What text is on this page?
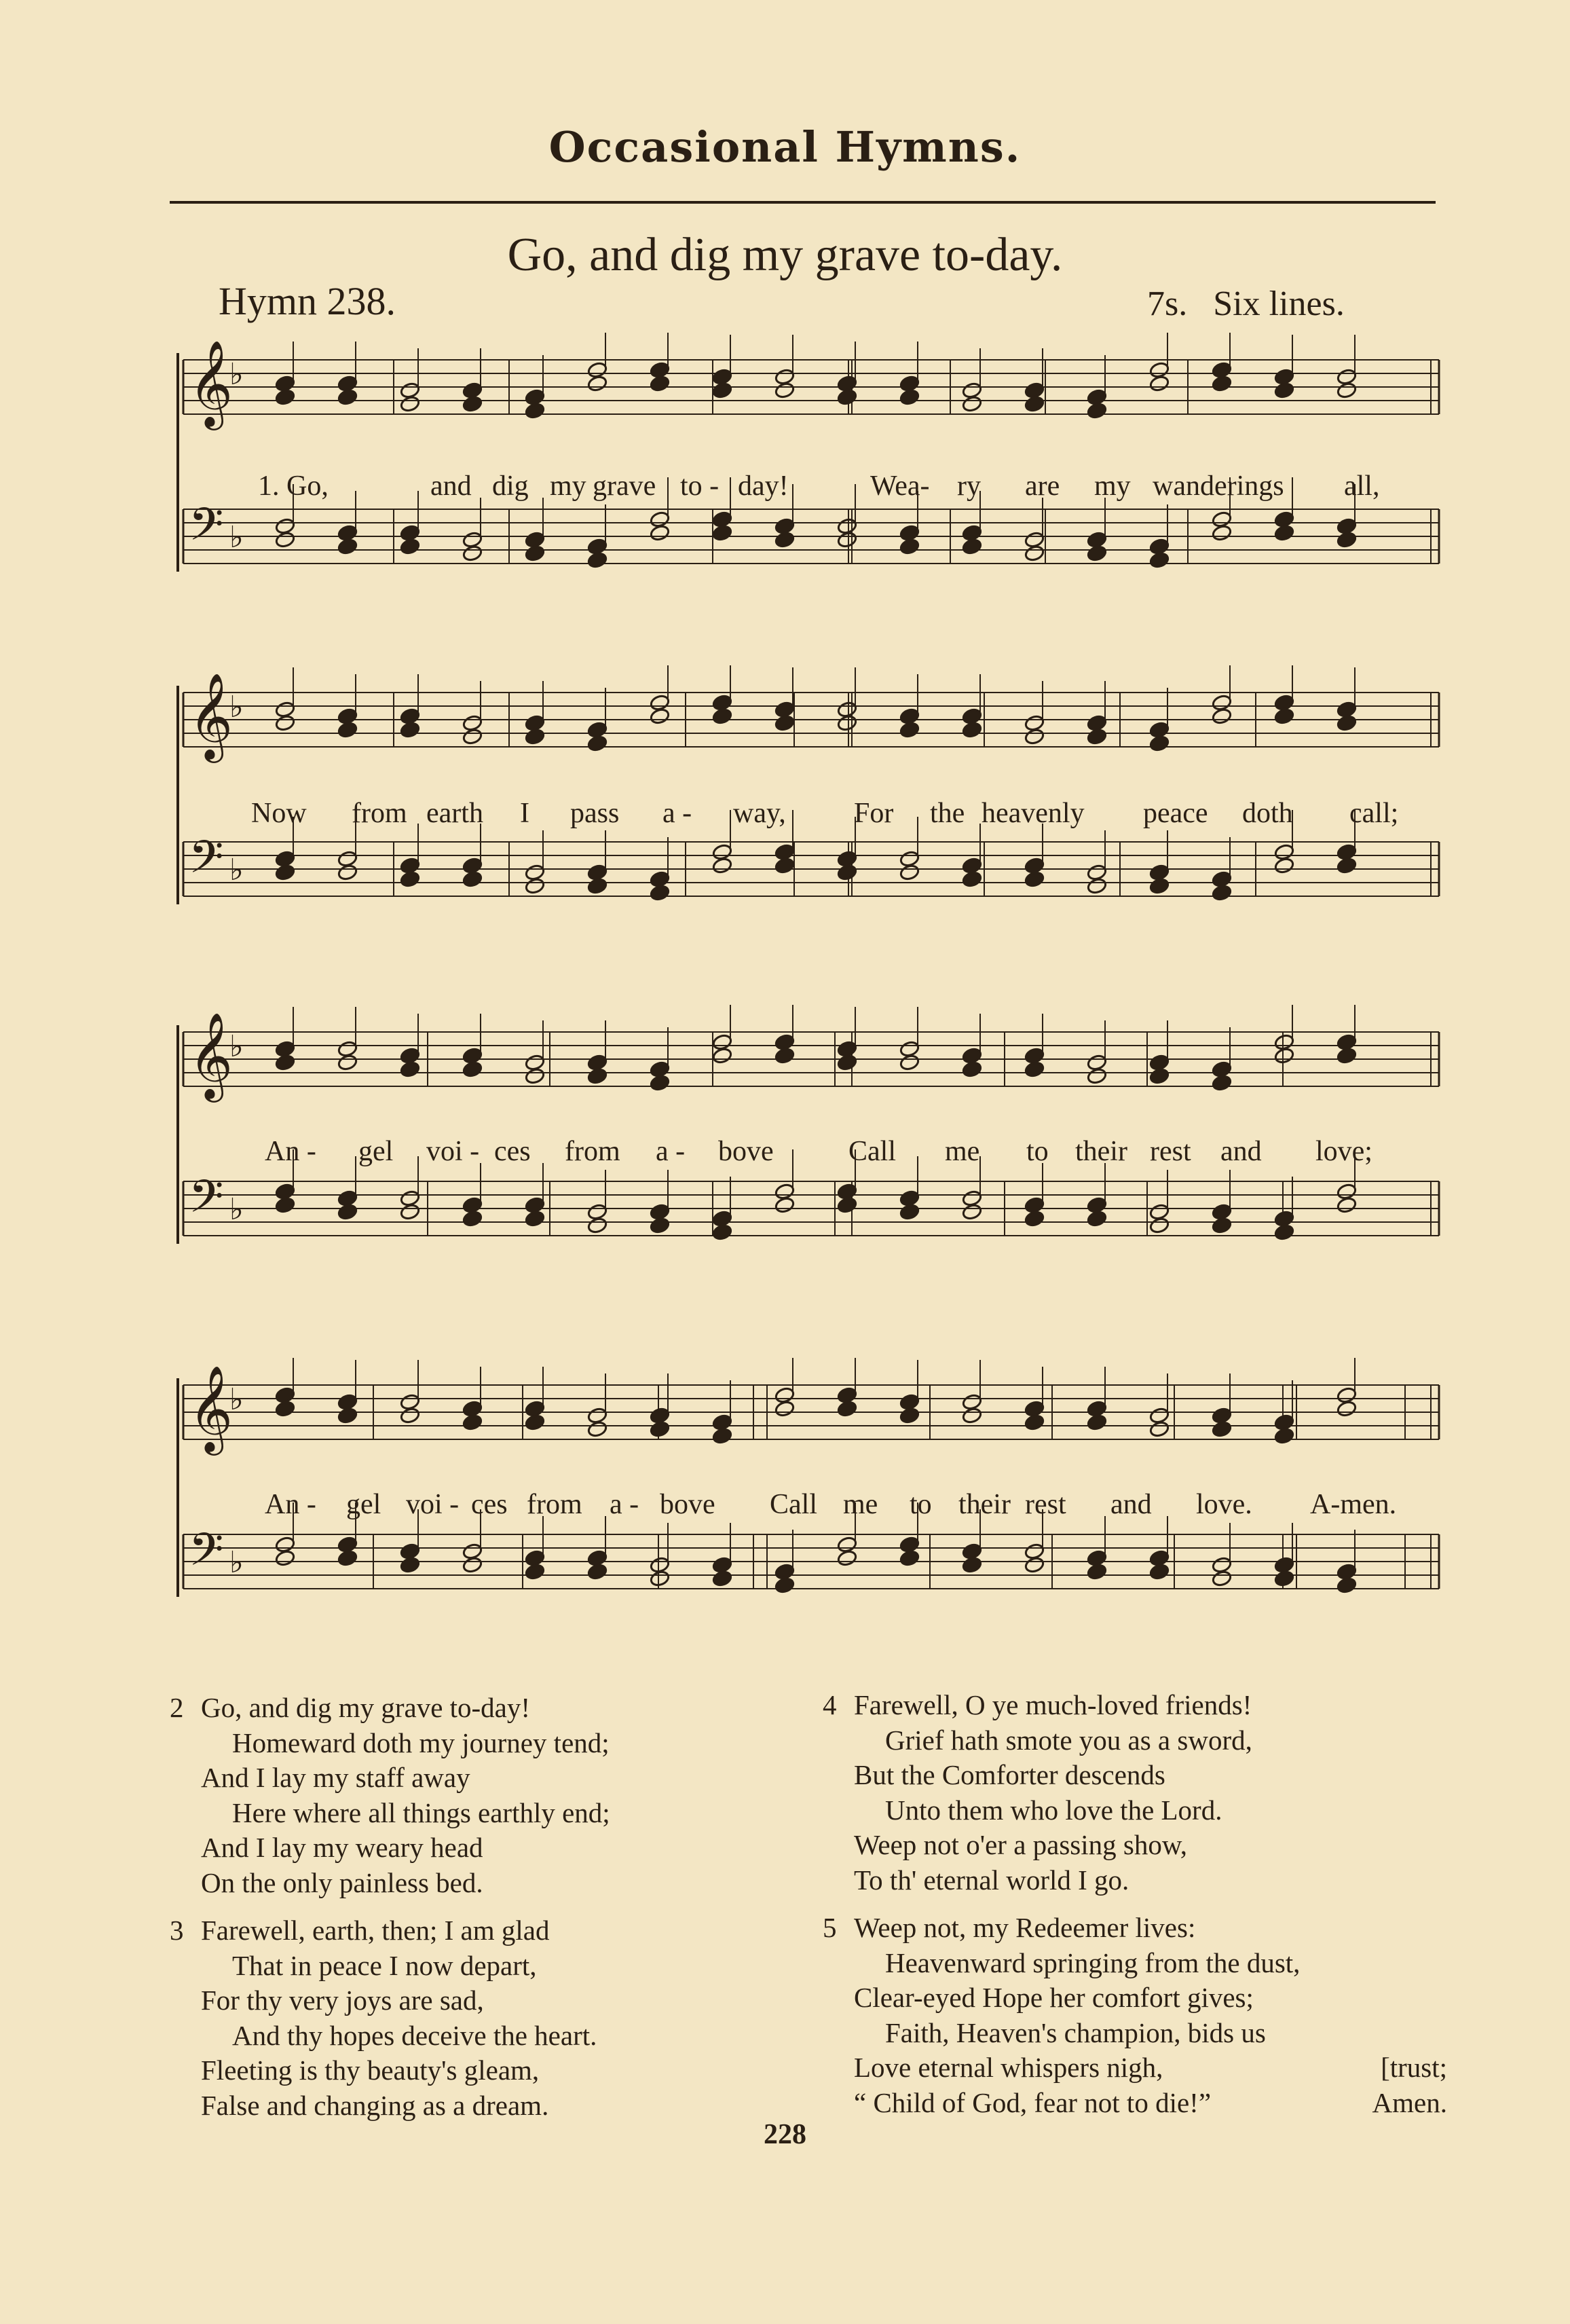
Occasional Hymns.
Go, and dig my grave to-day.
Hymn 238.	7s. Six lines.
𝄞
♭
𝄢 ♭
1. Go,	and dig my grave to - day!	Wea- ry are my wanderings all,
𝄞
♭
𝄢 ♭
Now from earth I pass a - way, For the heavenly peace doth call;
𝄞
♭
𝄢 ♭
An - gel voi - ces from a - bove	Call me to their rest and love;
𝄞
♭
𝄢 ♭
An - gel voi - ces from a - bove Call me to their rest and love. A-men.
2 Go, and dig my grave to-day!
Homeward doth my journey tend;
And I lay my staff away
Here where all things earthly end;
And I lay my weary head
On the only painless bed.
3 Farewell, earth, then; I am glad
That in peace I now depart,
For thy very joys are sad,
And thy hopes deceive the heart.
Fleeting is thy beauty's gleam,
False and changing as a dream.
4 Farewell, O ye much-loved friends!
Grief hath smote you as a sword,
But the Comforter descends
Unto them who love the Lord.
Weep not o'er a passing show,
To th' eternal world I go.
5 Weep not, my Redeemer lives:
Heavenward springing from the dust,
Clear-eyed Hope her comfort gives;
Faith, Heaven's champion, bids us
Love eternal whispers nigh,	[trust;
“ Child of God, fear not to die!”	Amen.
228
